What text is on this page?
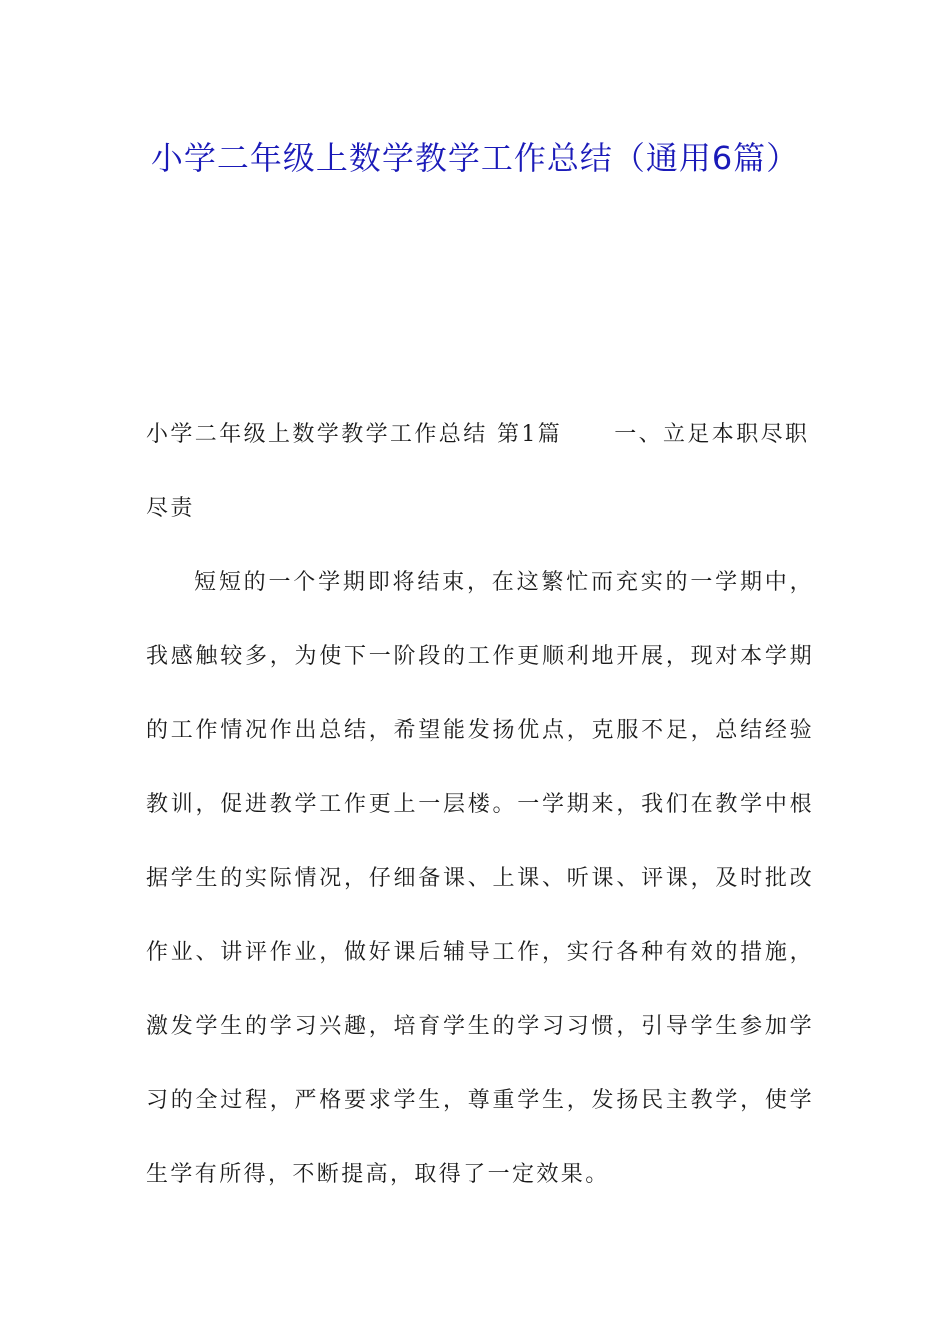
小学二年级上数学教学工作总结（通用6篇）
小学二年级上数学教学工作总结 第1篇 一、立足本职尽职尽责
短短的一个学期即将结束，在这繁忙而充实的一学期中，我感触较多，为使下一阶段的工作更顺利地开展，现对本学期的工作情况作出总结，希望能发扬优点，克服不足，总结经验教训，促进教学工作更上一层楼。一学期来，我们在教学中根据学生的实际情况，仔细备课、上课、听课、评课，及时批改作业、讲评作业，做好课后辅导工作，实行各种有效的措施，激发学生的学习兴趣，培育学生的学习习惯，引导学生参加学习的全过程，严格要求学生，尊重学生，发扬民主教学，使学生学有所得，不断提高，取得了一定效果。
